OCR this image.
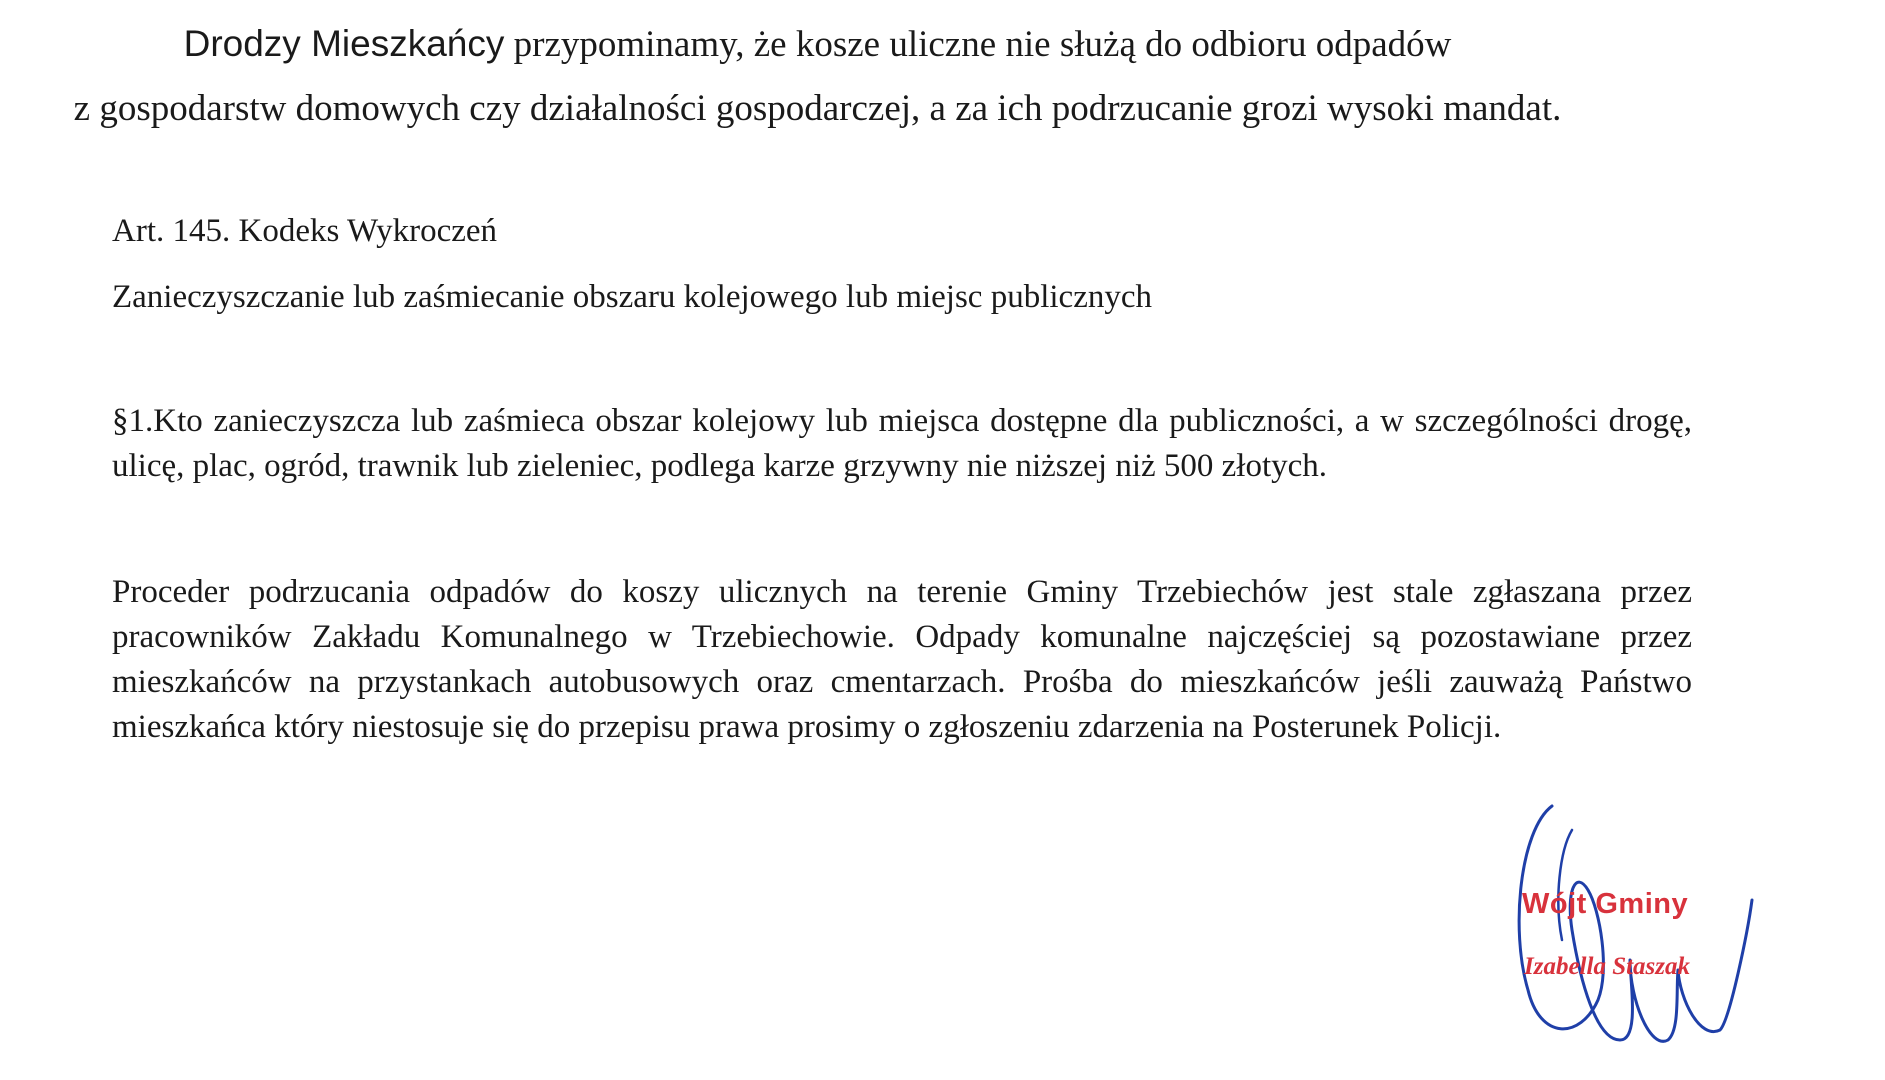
Drodzy Mieszkańcy przypominamy, że kosze uliczne nie służą do odbioru odpadów

z gospodarstw domowych czy działalności gospodarczej, a za ich podrzucanie grozi wysoki mandat.

Art. 145. Kodeks Wykroczeń

Zanieczyszczanie lub zaśmiecanie obszaru kolejowego lub miejsc publicznych

§1.Kto zanieczyszcza lub zaśmieca obszar kolejowy lub miejsca dostępne dla publiczności, a w szczególności drogę, ulicę, plac, ogród, trawnik lub zieleniec, podlega karze grzywny nie niższej niż 500 złotych.

Proceder podrzucania odpadów do koszy ulicznych na terenie Gminy Trzebiechów jest stale zgłaszana przez pracowników Zakładu Komunalnego w Trzebiechowie. Odpady komunalne najczęściej są pozostawiane przez mieszkańców na przystankach autobusowych oraz cmentarzach. Prośba do mieszkańców jeśli zauważą Państwo mieszkańca który niestosuje się do przepisu prawa prosimy o zgłoszeniu zdarzenia na Posterunek Policji.

Wójt Gminy
Izabella Staszak
